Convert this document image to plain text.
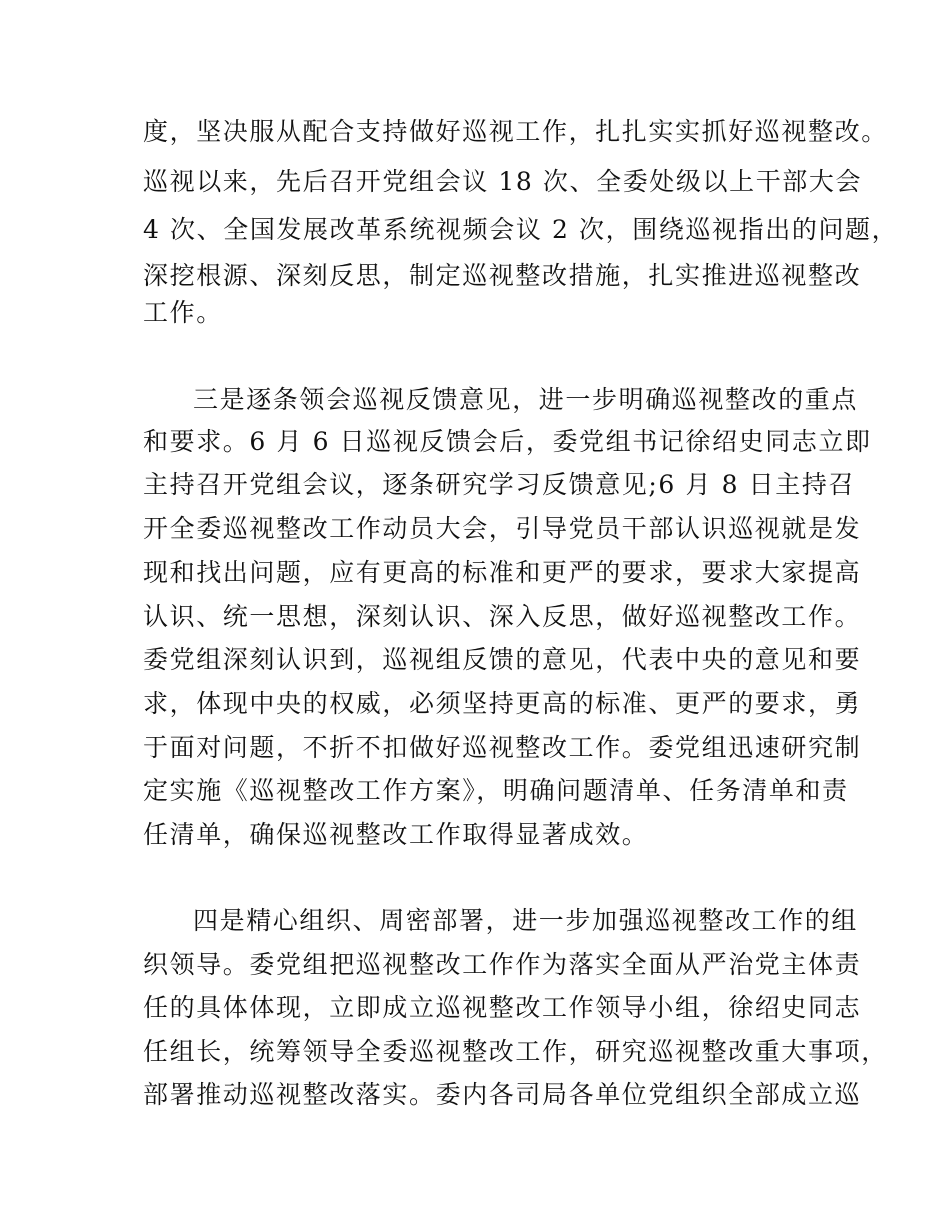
度，坚决服从配合支持做好巡视工作，扎扎实实抓好巡视整改。
巡视以来，先后召开党组会议 18 次、全委处级以上干部大会
4 次、全国发展改革系统视频会议 2 次，围绕巡视指出的问题，
深挖根源、深刻反思，制定巡视整改措施，扎实推进巡视整改
工作。
三是逐条领会巡视反馈意见，进一步明确巡视整改的重点
和要求。6 月 6 日巡视反馈会后，委党组书记徐绍史同志立即
主持召开党组会议，逐条研究学习反馈意见;6 月 8 日主持召
开全委巡视整改工作动员大会，引导党员干部认识巡视就是发
现和找出问题，应有更高的标准和更严的要求，要求大家提高
认识、统一思想，深刻认识、深入反思，做好巡视整改工作。
委党组深刻认识到，巡视组反馈的意见，代表中央的意见和要
求，体现中央的权威，必须坚持更高的标准、更严的要求，勇
于面对问题，不折不扣做好巡视整改工作。委党组迅速研究制
定实施《巡视整改工作方案》，明确问题清单、任务清单和责
任清单，确保巡视整改工作取得显著成效。
四是精心组织、周密部署，进一步加强巡视整改工作的组
织领导。委党组把巡视整改工作作为落实全面从严治党主体责
任的具体体现，立即成立巡视整改工作领导小组，徐绍史同志
任组长，统筹领导全委巡视整改工作，研究巡视整改重大事项，
部署推动巡视整改落实。委内各司局各单位党组织全部成立巡
